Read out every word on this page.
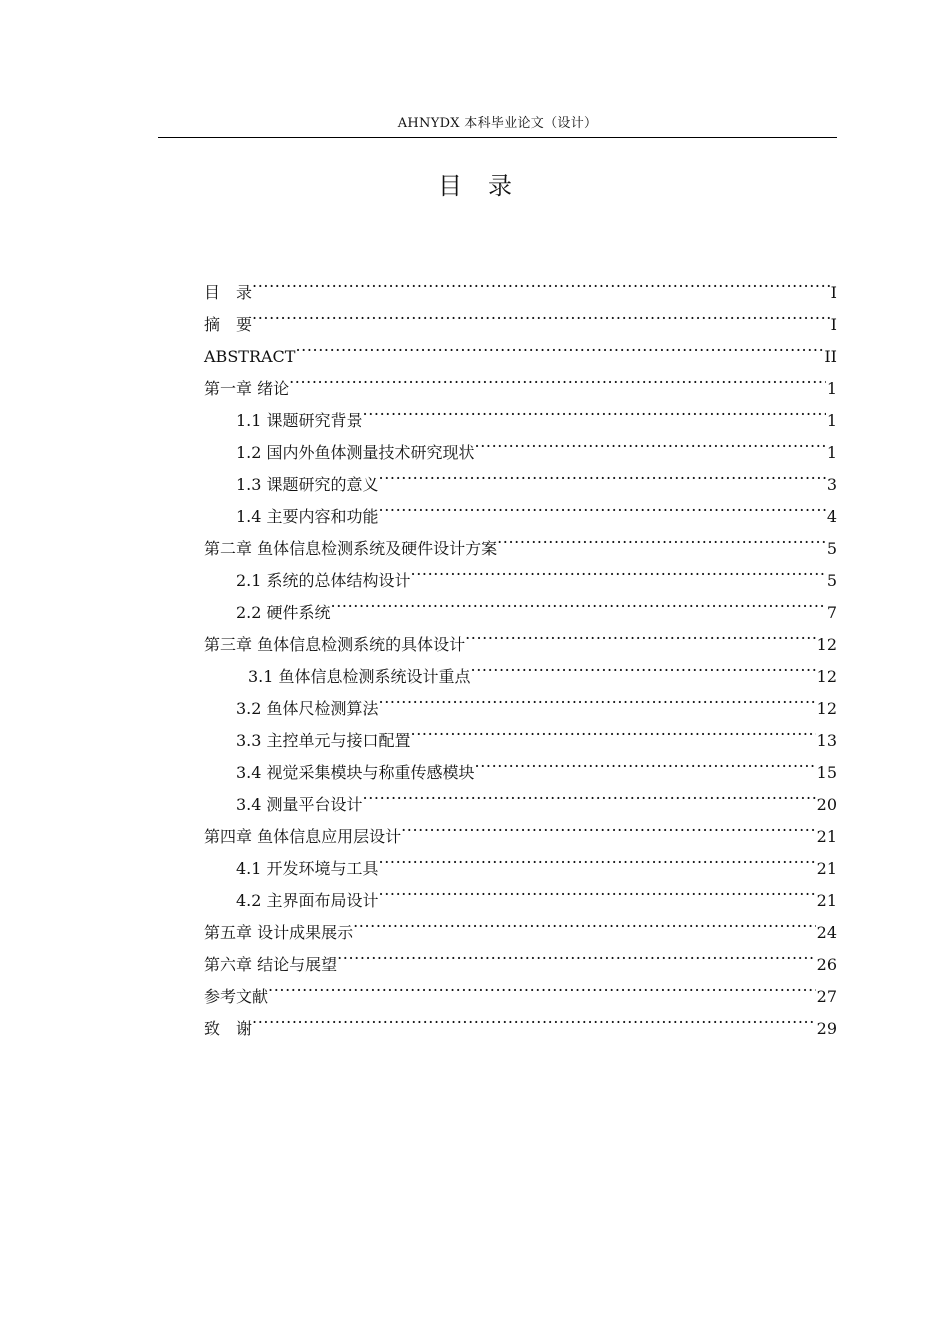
AHNYDX 本科毕业论文（设计）
目 录
目　录 .....	I
摘　要 .....	I
ABSTRACT .....	II
第一章 绪论 .....	1
1.1 课题研究背景 .....	1
1.2 国内外鱼体测量技术研究现状 .....	1
1.3 课题研究的意义 .....	3
1.4 主要内容和功能 .....	4
第二章 鱼体信息检测系统及硬件设计方案 .....	5
2.1 系统的总体结构设计 .....	5
2.2 硬件系统 .....	7
第三章 鱼体信息检测系统的具体设计 .....	12
3.1 鱼体信息检测系统设计重点 .....	12
3.2 鱼体尺检测算法 .....	12
3.3 主控单元与接口配置 .....	13
3.4 视觉采集模块与称重传感模块 .....	15
3.4 测量平台设计 .....	20
第四章 鱼体信息应用层设计 .....	21
4.1 开发环境与工具 .....	21
4.2 主界面布局设计 .....	21
第五章 设计成果展示 .....	24
第六章 结论与展望 .....	26
参考文献 .....	27
致　谢 .....	29
